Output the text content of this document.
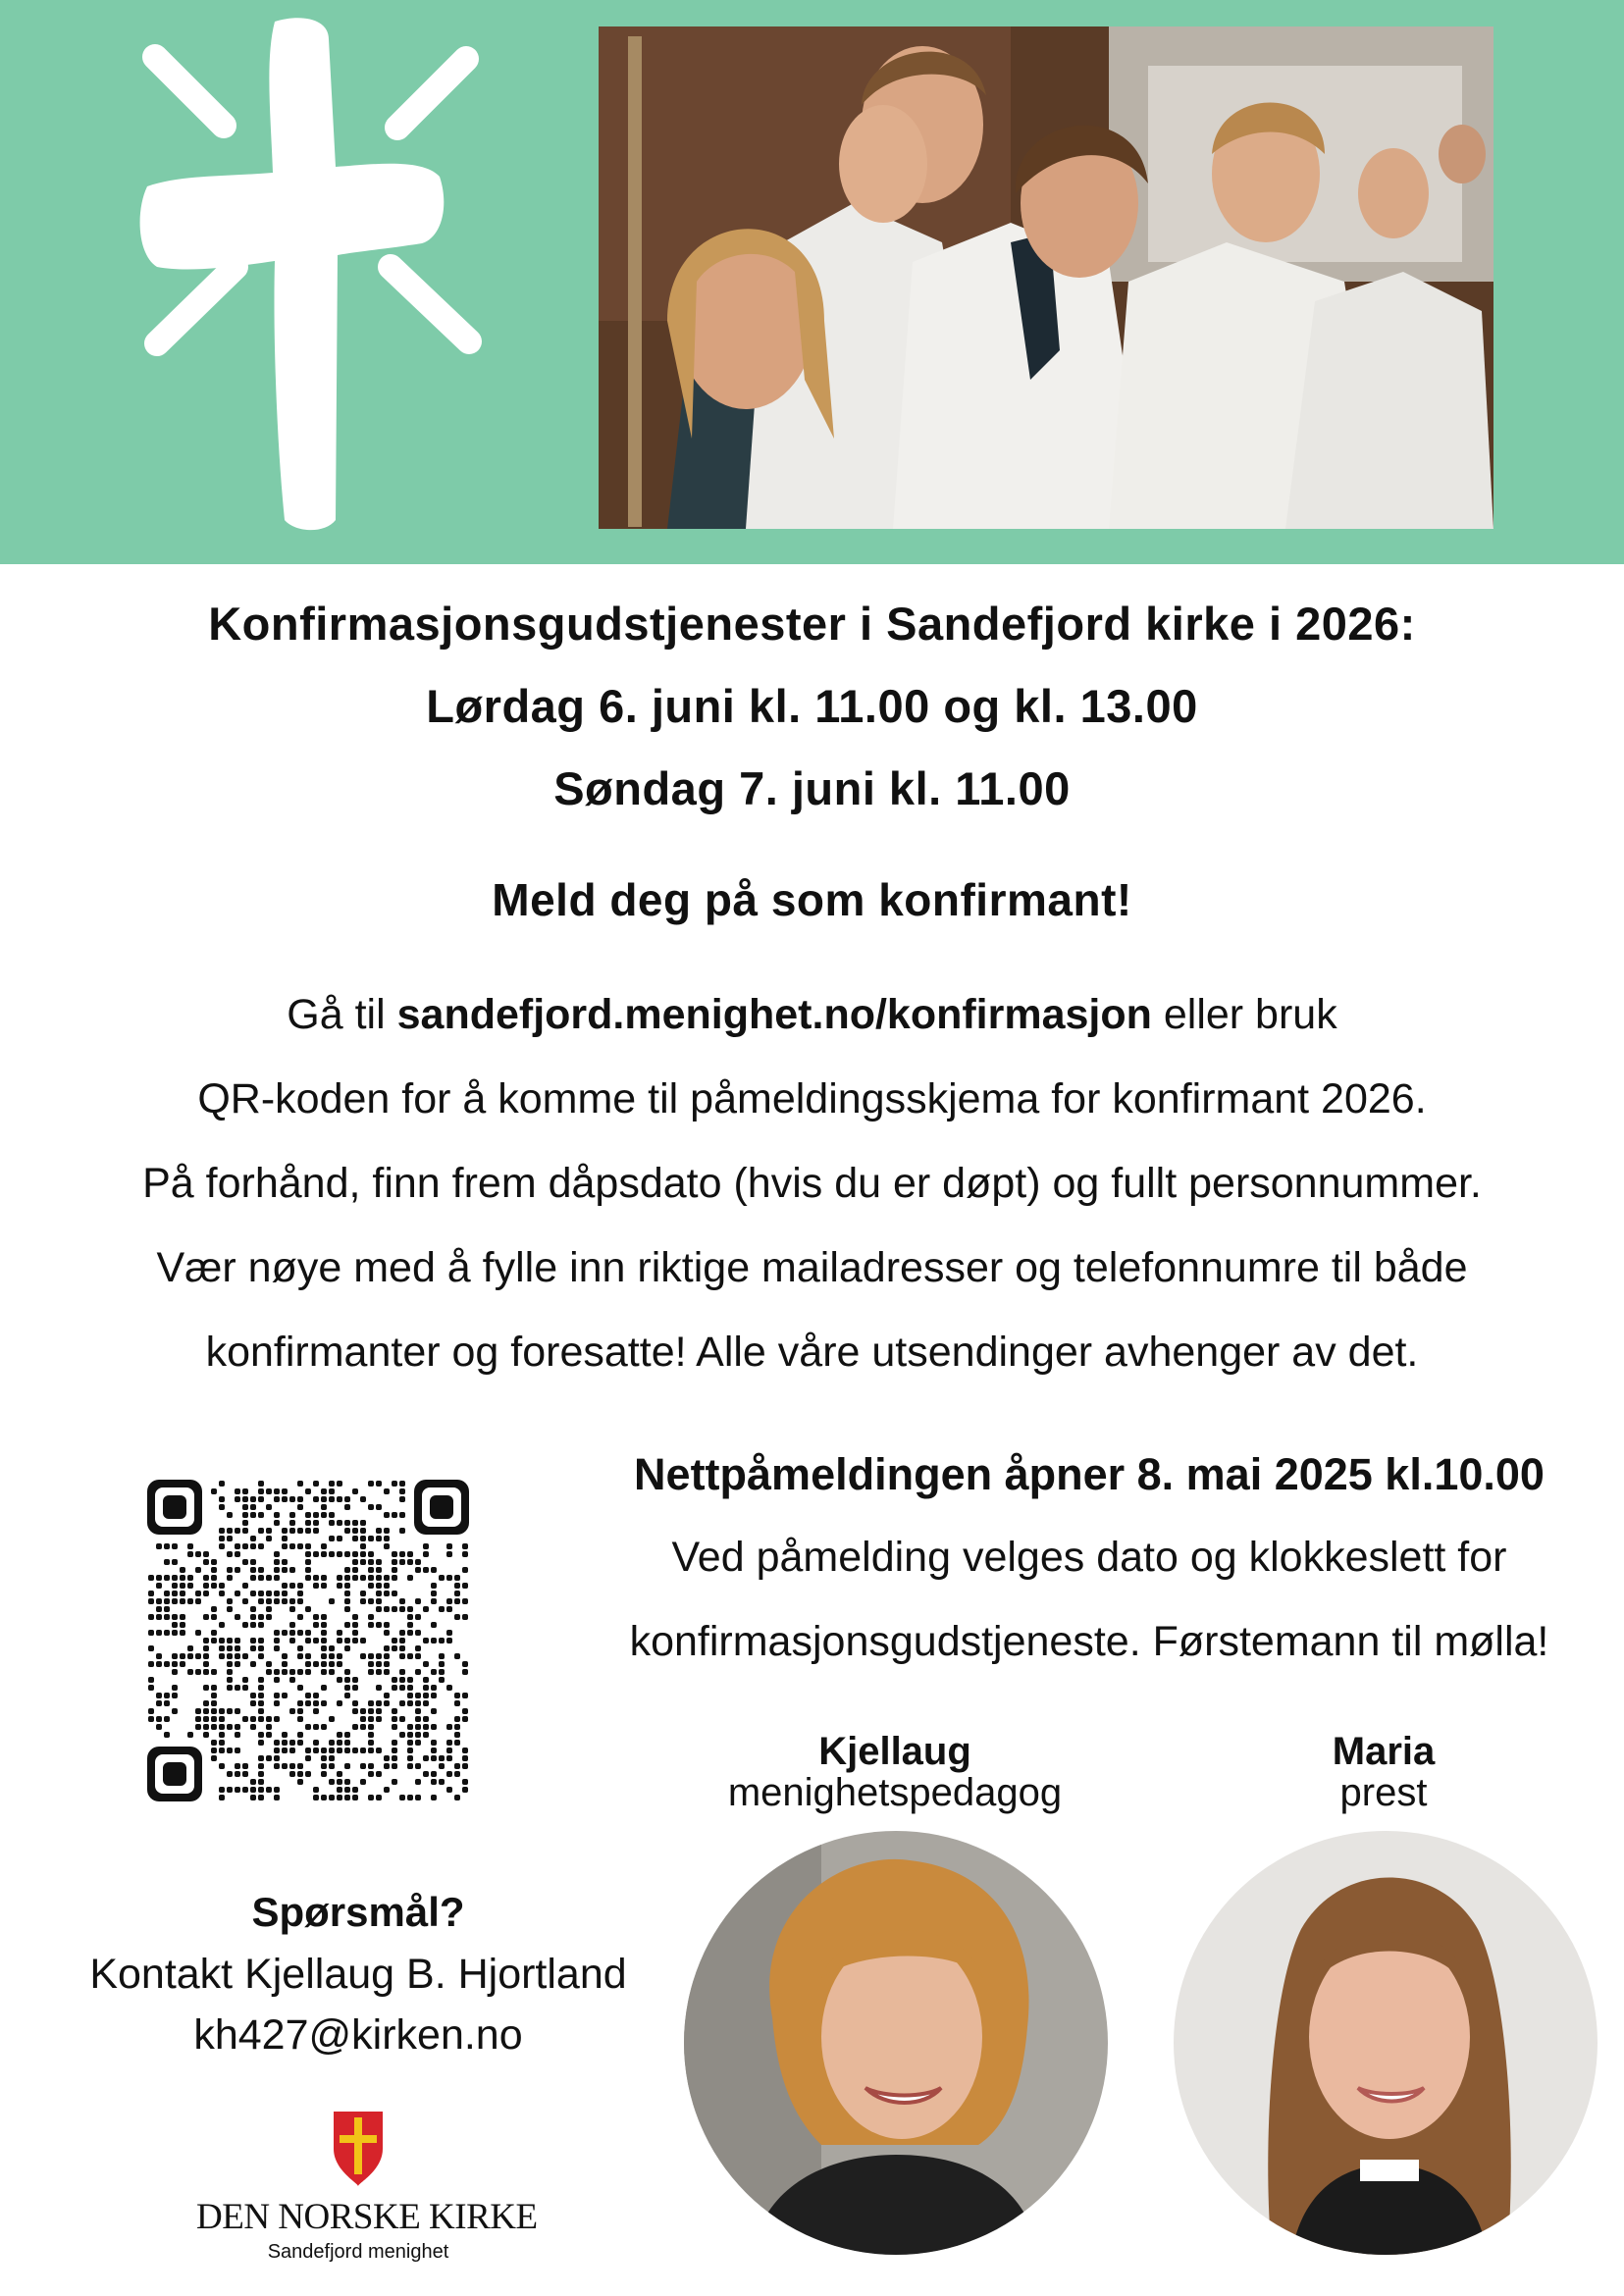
Konfirmasjonsgudstjenester i Sandefjord kirke i 2026:
Lørdag 6. juni kl. 11.00 og kl. 13.00
Søndag 7. juni kl. 11.00
Meld deg på som konfirmant!
Gå til sandefjord.menighet.no/konfirmasjon eller bruk
QR-koden for å komme til påmeldingsskjema for konfirmant 2026.
På forhånd, finn frem dåpsdato (hvis du er døpt) og fullt personnummer.
Vær nøye med å fylle inn riktige mailadresser og telefonnumre til både
konfirmanter og foresatte! Alle våre utsendinger avhenger av det.
Nettpåmeldingen åpner 8. mai 2025 kl.10.00
Ved påmelding velges dato og klokkeslett for
konfirmasjonsgudstjeneste. Førstemann til mølla!
Kjellaug
menighetspedagog
Maria
prest
Spørsmål?
Kontakt Kjellaug B. Hjortland
kh427@kirken.no
DEN NORSKE KIRKE
Sandefjord menighet
